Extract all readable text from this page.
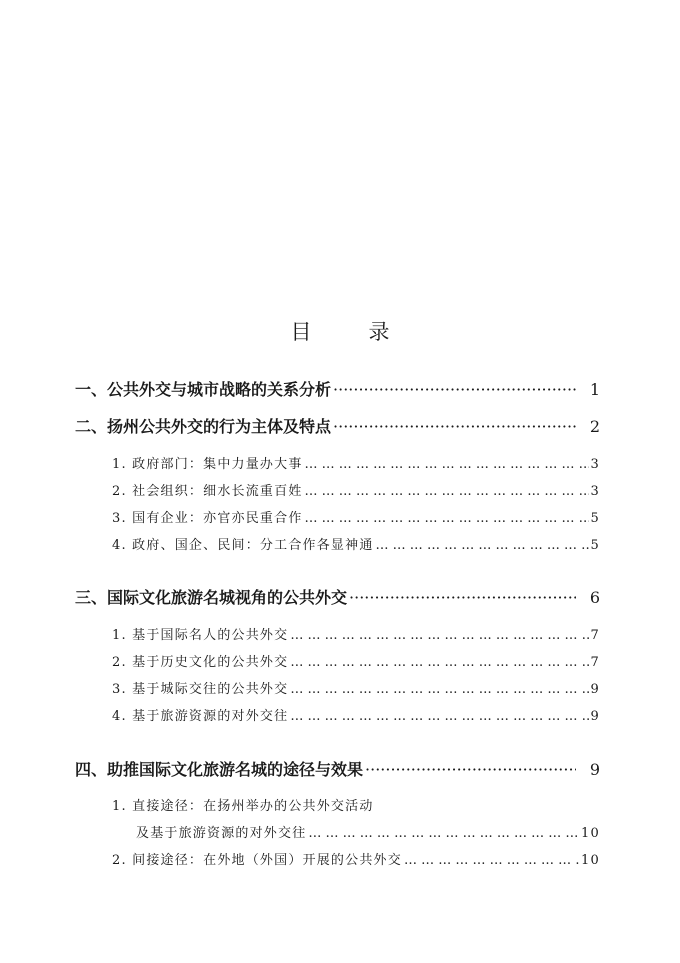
目　录
一、公共外交与城市战略的关系分析 ·····	1
二、扬州公共外交的行为主体及特点 ·····	2
1. 政府部门：集中力量办大事 … … … … … … … … … … … … … … … … … … … … … … … … … … … … … … … … … … … … … …	3
2. 社会组织：细水长流重百姓 … … … … … … … … … … … … … … … … … … … … … … … … … … … … … … … … … … … … … …	3
3. 国有企业：亦官亦民重合作 … … … … … … … … … … … … … … … … … … … … … … … … … … … … … … … … … … … … … …	5
4. 政府、国企、民间：分工合作各显神通 … … … … … … … … … … … … … … … … … … … … … … … … … … … … … … … … … … … … … …	5
三、国际文化旅游名城视角的公共外交 ·····	6
1. 基于国际名人的公共外交 … … … … … … … … … … … … … … … … … … … … … … … … … … … … … … … … … … … … … …	7
2. 基于历史文化的公共外交 … … … … … … … … … … … … … … … … … … … … … … … … … … … … … … … … … … … … … …	7
3. 基于城际交往的公共外交 … … … … … … … … … … … … … … … … … … … … … … … … … … … … … … … … … … … … … …	9
4. 基于旅游资源的对外交往 … … … … … … … … … … … … … … … … … … … … … … … … … … … … … … … … … … … … … …	9
四、助推国际文化旅游名城的途径与效果 ·····	9
1. 直接途径：在扬州举办的公共外交活动
及基于旅游资源的对外交往 … … … … … … … … … … … … … … … … … … … … … … … … … … … … … … … … … … … … … …	10
2. 间接途径：在外地（外国）开展的公共外交 … … … … … … … … … … … … … … … … … … … … … … … … … … … … … … … … … … … … … …	10
